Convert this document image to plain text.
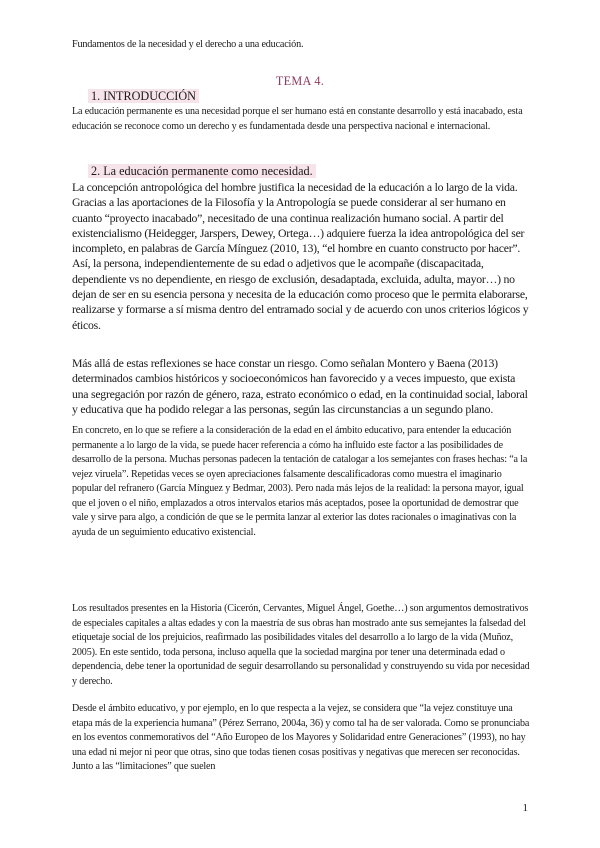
Fundamentos de la necesidad y el derecho a una educación.
TEMA 4.
1. INTRODUCCIÓN

La educación permanente es una necesidad porque el ser humano está en constante desarrollo y está inacabado, esta educación se reconoce como un derecho y es fundamentada desde una perspectiva nacional e internacional.

2. La educación permanente como necesidad.

La concepción antropológica del hombre justifica la necesidad de la educación a lo largo de la vida. Gracias a las aportaciones de la Filosofía y la Antropología se puede considerar al ser humano en cuanto “proyecto inacabado”, necesitado de una continua realización humano social. A partir del existencialismo (Heidegger, Jarspers, Dewey, Ortega…) adquiere fuerza la idea antropológica del ser incompleto, en palabras de García Mínguez (2010, 13), “el hombre en cuanto constructo por hacer”. Así, la persona, independientemente de su edad o adjetivos que le acompañe (discapacitada, dependiente vs no dependiente, en riesgo de exclusión, desadaptada, excluida, adulta, mayor…) no dejan de ser en su esencia persona y necesita de la educación como proceso que le permita elaborarse, realizarse y formarse a sí misma dentro del entramado social y de acuerdo con unos criterios lógicos y éticos.

Más allá de estas reflexiones se hace constar un riesgo. Como señalan Montero y Baena (2013) determinados cambios históricos y socioeconómicos han favorecido y a veces impuesto, que exista una segregación por razón de género, raza, estrato económico o edad, en la continuidad social, laboral y educativa que ha podido relegar a las personas, según las circunstancias a un segundo plano.

En concreto, en lo que se refiere a la consideración de la edad en el ámbito educativo, para entender la educación permanente a lo largo de la vida, se puede hacer referencia a cómo ha influido este factor a las posibilidades de desarrollo de la persona. Muchas personas padecen la tentación de catalogar a los semejantes con frases hechas: “a la vejez viruela”. Repetidas veces se oyen apreciaciones falsamente descalificadoras como muestra el imaginario popular del refranero (García Mínguez y Bedmar, 2003). Pero nada más lejos de la realidad: la persona mayor, igual que el joven o el niño, emplazados a otros intervalos etarios más aceptados, posee la oportunidad de demostrar que vale y sirve para algo, a condición de que se le permita lanzar al exterior las dotes racionales o imaginativas con la ayuda de un seguimiento educativo existencial.

Los resultados presentes en la Historia (Cicerón, Cervantes, Miguel Ángel, Goethe…) son argumentos demostrativos de especiales capitales a altas edades y con la maestría de sus obras han mostrado ante sus semejantes la falsedad del etiquetaje social de los prejuicios, reafirmado las posibilidades vitales del desarrollo a lo largo de la vida (Muñoz, 2005). En este sentido, toda persona, incluso aquella que la sociedad margina por tener una determinada edad o dependencia, debe tener la oportunidad de seguir desarrollando su personalidad y construyendo su vida por necesidad y derecho.

Desde el ámbito educativo, y por ejemplo, en lo que respecta a la vejez, se considera que “la vejez constituye una etapa más de la experiencia humana” (Pérez Serrano, 2004a, 36) y como tal ha de ser valorada. Como se pronunciaba en los eventos conmemorativos del “Año Europeo de los Mayores y Solidaridad entre Generaciones” (1993), no hay una edad ni mejor ni peor que otras, sino que todas tienen cosas positivas y negativas que merecen ser reconocidas. Junto a las “limitaciones” que suelen

1
